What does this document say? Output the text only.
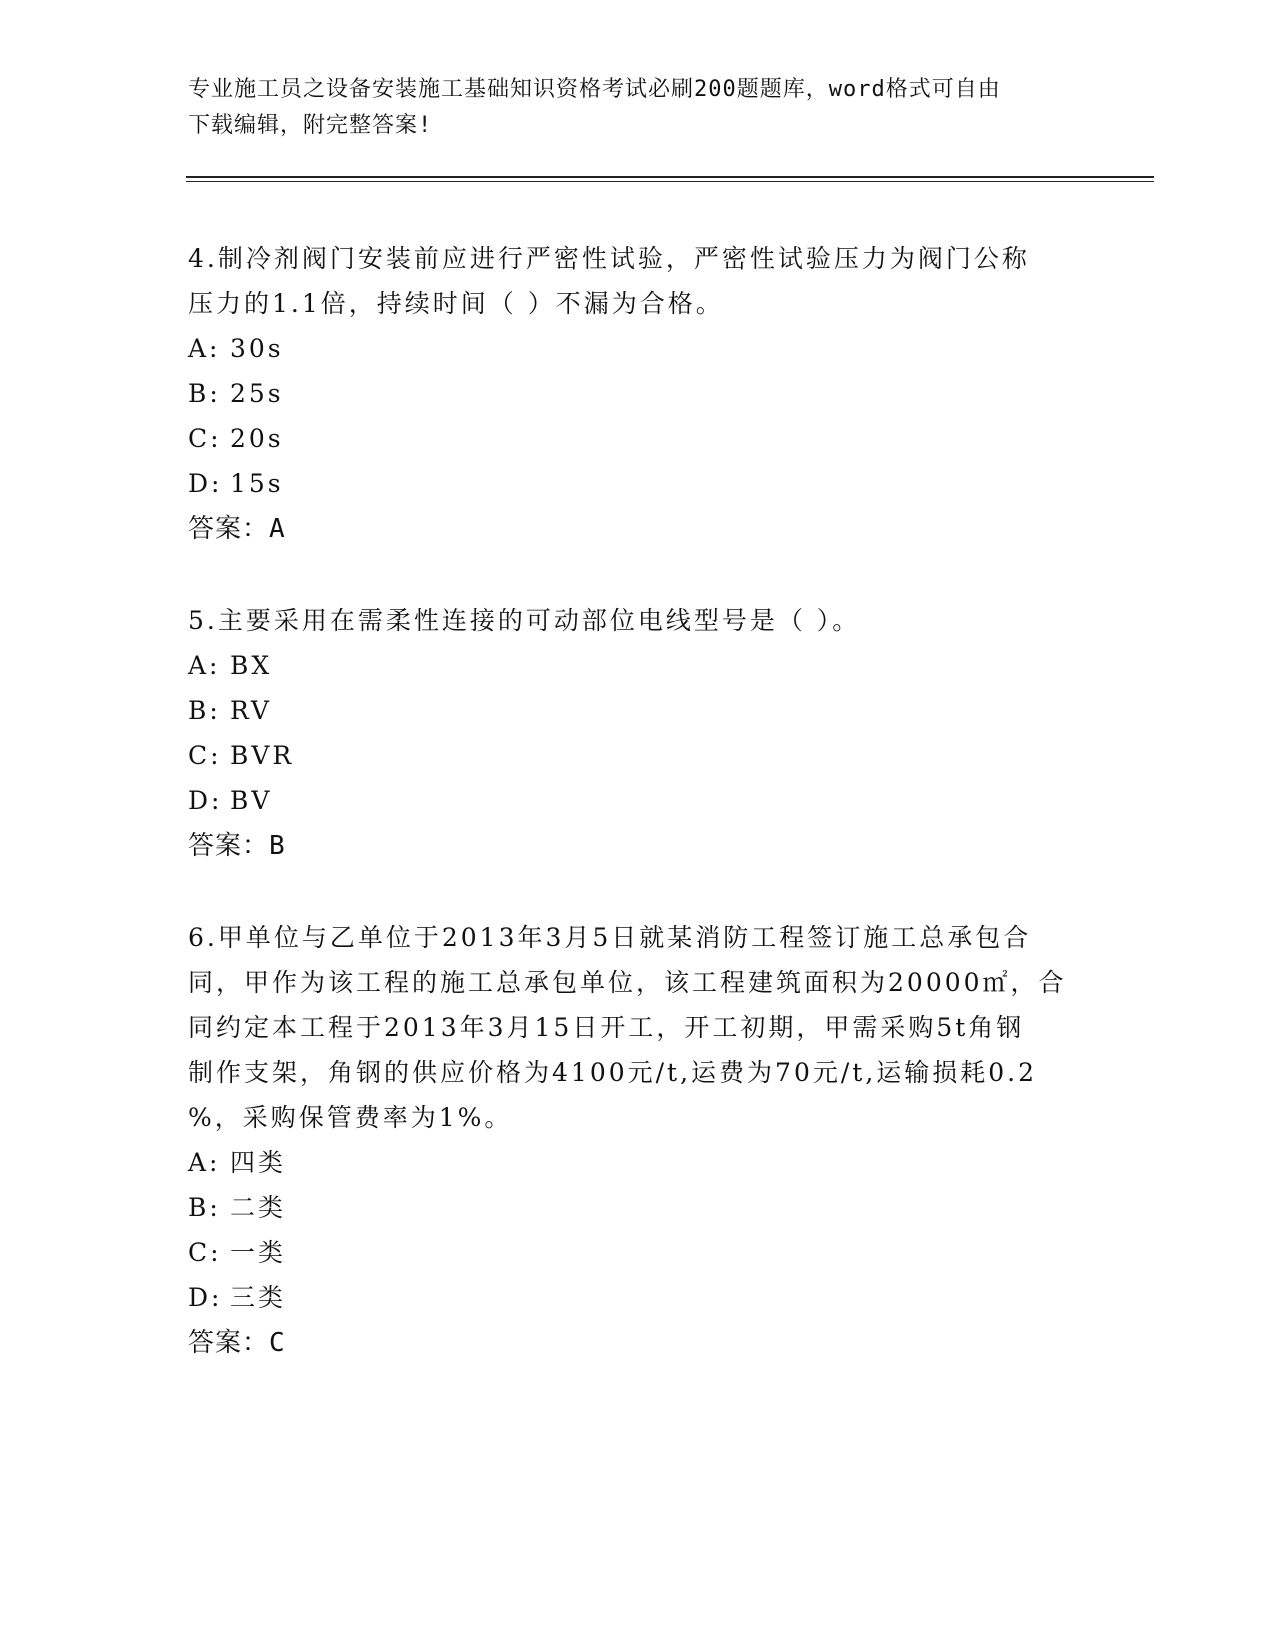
专业施工员之设备安装施工基础知识资格考试必刷200题题库，word格式可自由
下载编辑，附完整答案!

4.制冷剂阀门安装前应进行严密性试验，严密性试验压力为阀门公称

压力的1.1倍，持续时间（ ）不漏为合格。

A: 30s

B: 25s

C: 20s

D: 15s

答案：A

5.主要采用在需柔性连接的可动部位电线型号是（ ）。

A: BX

B: RV

C: BVR

D: BV

答案：B

6.甲单位与乙单位于2013年3月5日就某消防工程签订施工总承包合

同，甲作为该工程的施工总承包单位，该工程建筑面积为20000㎡，合

同约定本工程于2013年3月15日开工，开工初期，甲需采购5t角钢

制作支架，角钢的供应价格为4100元/t,运费为70元/t,运输损耗0.2

%，采购保管费率为1%。

A: 四类

B: 二类

C: 一类

D: 三类

答案：C
